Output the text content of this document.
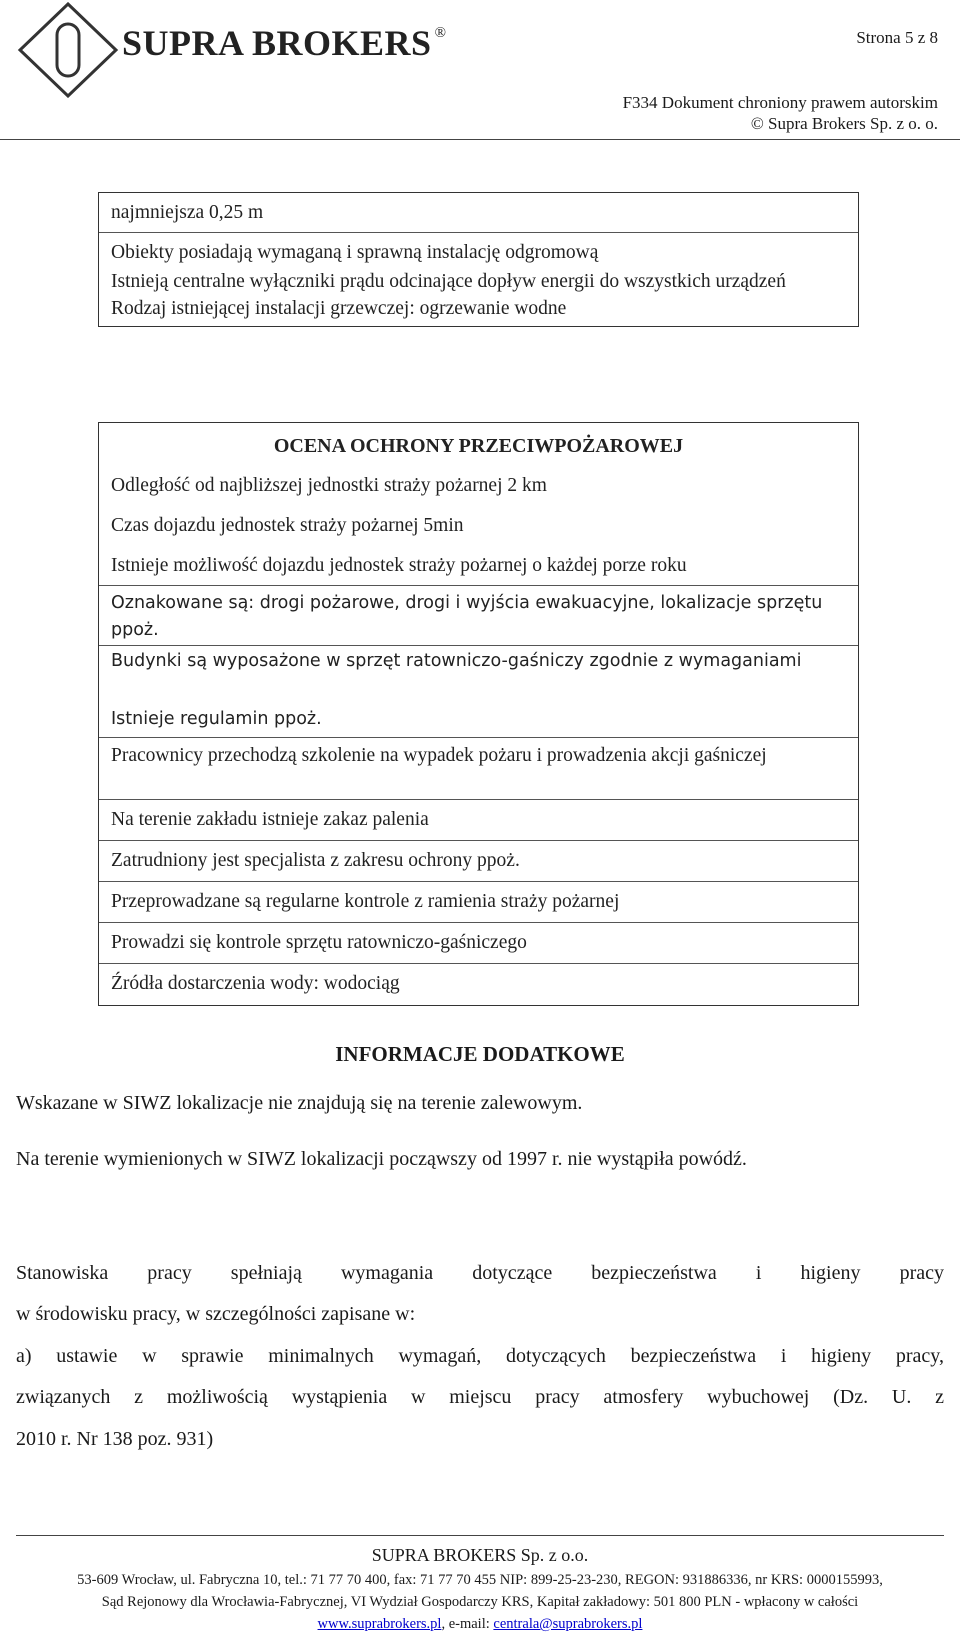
SUPRA BROKERS ®	Strona 5 z 8
F334 Dokument chroniony prawem autorskim
© Supra Brokers Sp. z o. o.
najmniejsza 0,25 m
Obiekty posiadają wymaganą i sprawną instalację odgromową
Istnieją centralne wyłączniki prądu odcinające dopływ energii do wszystkich urządzeń
Rodzaj istniejącej instalacji grzewczej: ogrzewanie wodne
OCENA OCHRONY PRZECIWPOŻAROWEJ
Odległość od najbliższej jednostki straży pożarnej 2 km
Czas dojazdu jednostek straży pożarnej 5min
Istnieje możliwość dojazdu jednostek straży pożarnej o każdej porze roku
Oznakowane są: drogi pożarowe, drogi i wyjścia ewakuacyjne, lokalizacje sprzętu ppoż.
Budynki są wyposażone w sprzęt ratowniczo-gaśniczy zgodnie z wymaganiami
Istnieje regulamin ppoż.
Pracownicy przechodzą szkolenie na wypadek pożaru i prowadzenia akcji gaśniczej
Na terenie zakładu istnieje zakaz palenia
Zatrudniony jest specjalista z zakresu ochrony ppoż.
Przeprowadzane są regularne kontrole z ramienia straży pożarnej
Prowadzi się kontrole sprzętu ratowniczo-gaśniczego
Źródła dostarczenia wody: wodociąg
INFORMACJE DODATKOWE
Wskazane w SIWZ lokalizacje nie znajdują się na terenie zalewowym.
Na terenie wymienionych w SIWZ lokalizacji począwszy od 1997 r. nie wystąpiła powódź.
Stanowiska pracy spełniają wymagania dotyczące bezpieczeństwa i higieny pracy
w środowisku pracy, w szczególności zapisane w:
a) ustawie w sprawie minimalnych wymagań, dotyczących bezpieczeństwa i higieny pracy,
związanych z możliwością wystąpienia w miejscu pracy atmosfery wybuchowej (Dz. U. z
2010 r. Nr 138 poz. 931)
SUPRA BROKERS Sp. z o.o.
53-609 Wrocław, ul. Fabryczna 10, tel.: 71 77 70 400, fax: 71 77 70 455 NIP: 899-25-23-230, REGON: 931886336, nr KRS: 0000155993,
Sąd Rejonowy dla Wrocławia-Fabrycznej, VI Wydział Gospodarczy KRS, Kapitał zakładowy: 501 800 PLN - wpłacony w całości
www.suprabrokers.pl, e-mail: centrala@suprabrokers.pl
